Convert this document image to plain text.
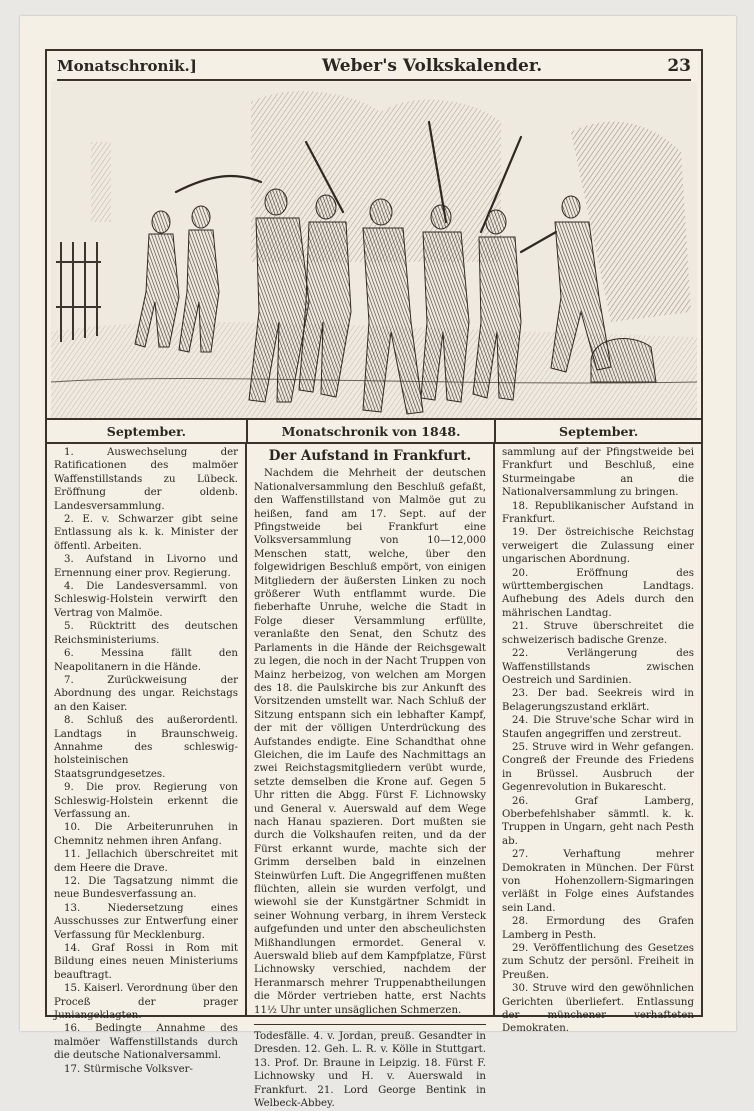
Monatschronik.]	Weber's Volkskalender.	23
September.	Monatschronik von 1848.	September.
1. Auswechselung der Ratificationen des malmöer Waffenstillstands zu Lübeck. Eröffnung der oldenb. Landesversammlung.
2. E. v. Schwarzer gibt seine Entlassung als k. k. Minister der öffentl. Arbeiten.
3. Aufstand in Livorno und Ernennung einer prov. Regierung.
4. Die Landesversamml. von Schleswig-Holstein verwirft den Vertrag von Malmöe.
5. Rücktritt des deutschen Reichsministeriums.
6. Messina fällt den Neapolitanern in die Hände.
7. Zurückweisung der Abordnung des ungar. Reichstags an den Kaiser.
8. Schluß des außerordentl. Landtags in Braunschweig. Annahme des schleswig-holsteinischen Staatsgrundgesetzes.
9. Die prov. Regierung von Schleswig-Holstein erkennt die Verfassung an.
10. Die Arbeiterunruhen in Chemnitz nehmen ihren Anfang.
11. Jellachich überschreitet mit dem Heere die Drave.
12. Die Tagsatzung nimmt die neue Bundesverfassung an.
13. Niedersetzung eines Ausschusses zur Entwerfung einer Verfassung für Mecklenburg.
14. Graf Rossi in Rom mit Bildung eines neuen Ministeriums beauftragt.
15. Kaiserl. Verordnung über den Proceß der prager Juniangeklagten.
16. Bedingte Annahme des malmöer Waffenstillstands durch die deutsche Nationalversamml.
17. Stürmische Volksver-
Der Aufstand in Frankfurt.
Nachdem die Mehrheit der deutschen Nationalversammlung den Beschluß gefaßt, den Waffenstillstand von Malmöe gut zu heißen, fand am 17. Sept. auf der Pfingstweide bei Frankfurt eine Volksversammlung von 10—12,000 Menschen statt, welche, über den folgewidrigen Beschluß empört, von einigen Mitgliedern der äußersten Linken zu noch größerer Wuth entflammt wurde. Die fieberhafte Unruhe, welche die Stadt in Folge dieser Versammlung erfüllte, veranlaßte den Senat, den Schutz des Parlaments in die Hände der Reichsgewalt zu legen, die noch in der Nacht Truppen von Mainz herbeizog, von welchen am Morgen des 18. die Paulskirche bis zur Ankunft des Vorsitzenden umstellt war. Nach Schluß der Sitzung entspann sich ein lebhafter Kampf, der mit der völligen Unterdrückung des Aufstandes endigte. Eine Schandthat ohne Gleichen, die im Laufe des Nachmittags an zwei Reichstagsmitgliedern verübt wurde, setzte demselben die Krone auf. Gegen 5 Uhr ritten die Abgg. Fürst F. Lichnowsky und General v. Auerswald auf dem Wege nach Hanau spazieren. Dort mußten sie durch die Volkshaufen reiten, und da der Fürst erkannt wurde, machte sich der Grimm derselben bald in einzelnen Steinwürfen Luft. Die Angegriffenen mußten flüchten, allein sie wurden verfolgt, und wiewohl sie der Kunstgärtner Schmidt in seiner Wohnung verbarg, in ihrem Versteck aufgefunden und unter den abscheulichsten Mißhandlungen ermordet. General v. Auerswald blieb auf dem Kampfplatze, Fürst Lichnowsky verschied, nachdem der Heranmarsch mehrer Truppenabtheilungen die Mörder vertrieben hatte, erst Nachts 11½ Uhr unter unsäglichen Schmerzen.
Todesfälle. 4. v. Jordan, preuß. Gesandter in Dresden. 12. Geh. L. R. v. Kölle in Stuttgart. 13. Prof. Dr. Braune in Leipzig. 18. Fürst F. Lichnowsky und H. v. Auerswald in Frankfurt. 21. Lord George Bentink in Welbeck-Abbey.
sammlung auf der Pfingstweide bei Frankfurt und Beschluß, eine Sturmeingabe an die Nationalversammlung zu bringen.
18. Republikanischer Aufstand in Frankfurt.
19. Der östreichische Reichstag verweigert die Zulassung einer ungarischen Abordnung.
20. Eröffnung des württembergischen Landtags. Aufhebung des Adels durch den mährischen Landtag.
21. Struve überschreitet die schweizerisch badische Grenze.
22. Verlängerung des Waffenstillstands zwischen Oestreich und Sardinien.
23. Der bad. Seekreis wird in Belagerungszustand erklärt.
24. Die Struve'sche Schar wird in Staufen angegriffen und zerstreut.
25. Struve wird in Wehr gefangen. Congreß der Freunde des Friedens in Brüssel. Ausbruch der Gegenrevolution in Bukarescht.
26. Graf Lamberg, Oberbefehlshaber sämmtl. k. k. Truppen in Ungarn, geht nach Pesth ab.
27. Verhaftung mehrer Demokraten in München. Der Fürst von Hohenzollern-Sigmaringen verläßt in Folge eines Aufstandes sein Land.
28. Ermordung des Grafen Lamberg in Pesth.
29. Veröffentlichung des Gesetzes zum Schutz der persönl. Freiheit in Preußen.
30. Struve wird den gewöhnlichen Gerichten überliefert. Entlassung der münchener verhafteten Demokraten.
